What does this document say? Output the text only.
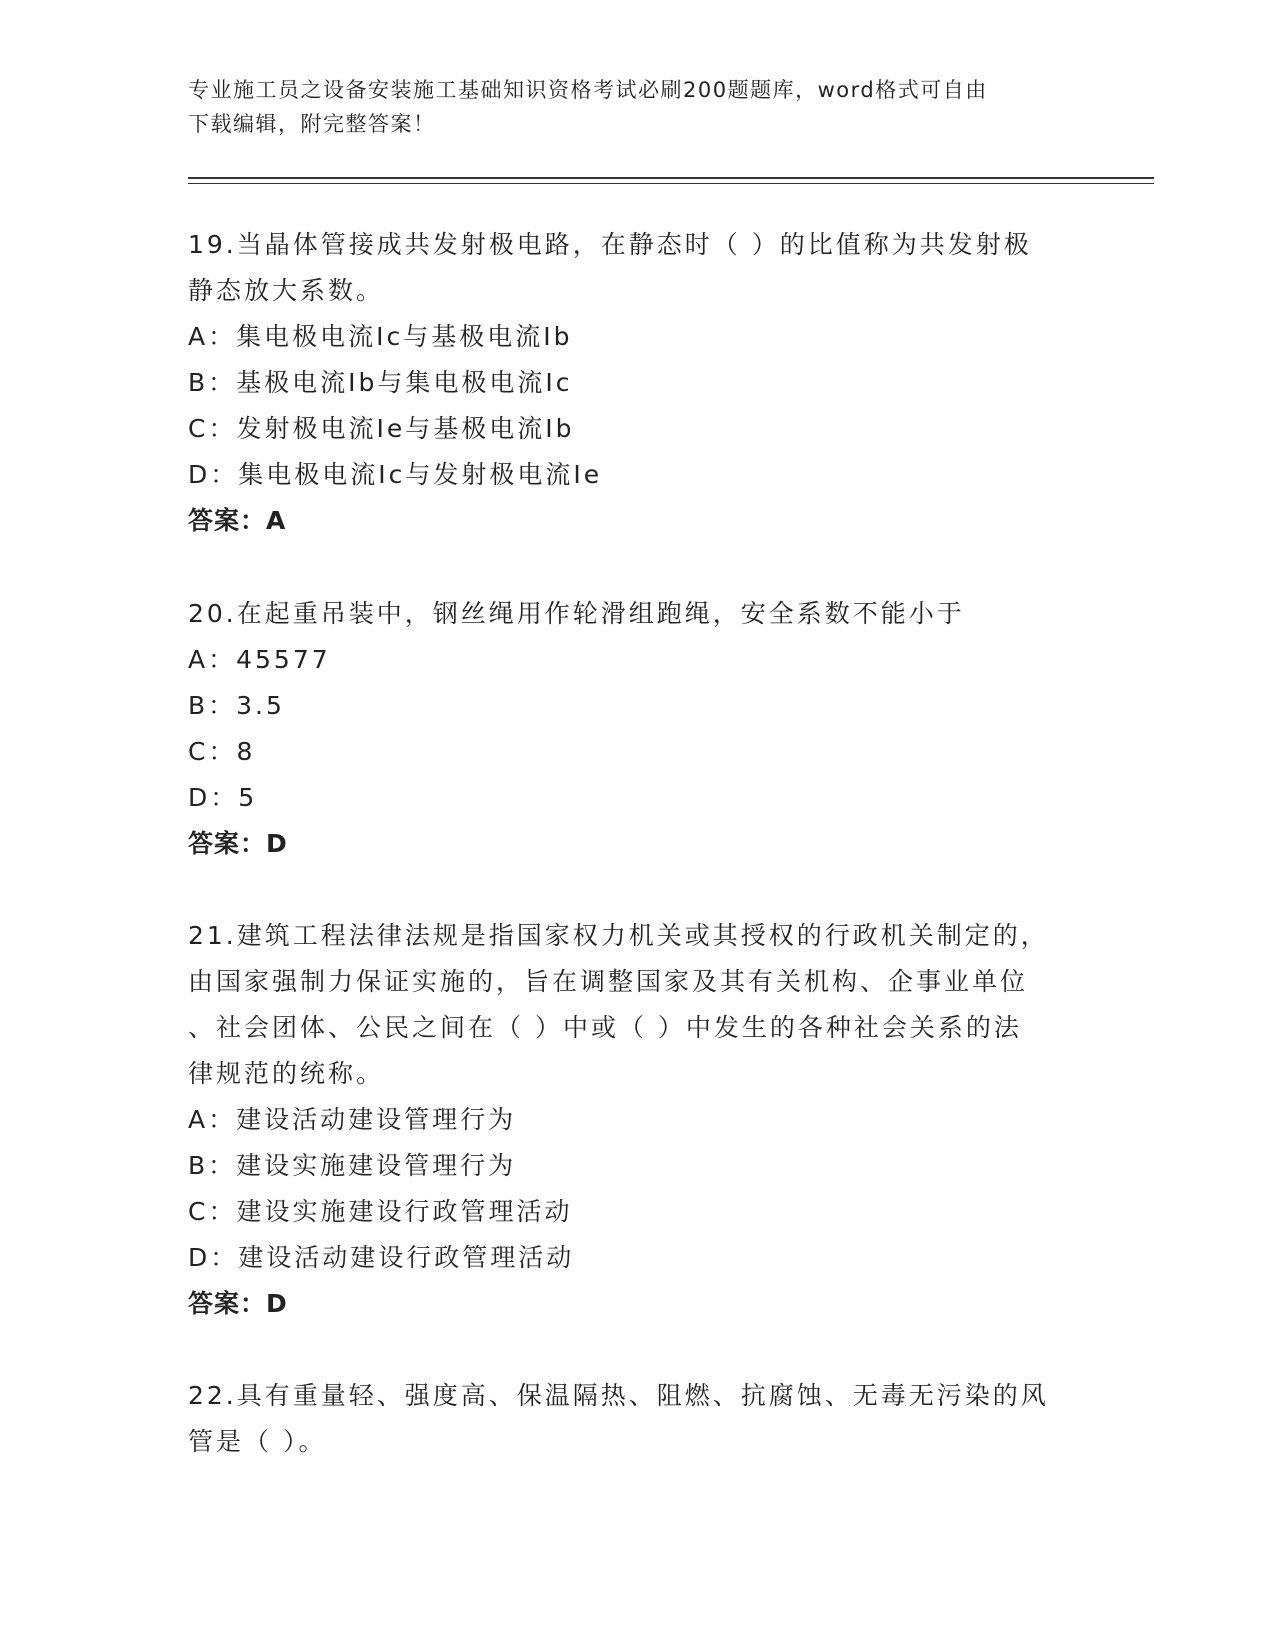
专业施工员之设备安装施工基础知识资格考试必刷200题题库，word格式可自由
下载编辑，附完整答案！

19.当晶体管接成共发射极电路，在静态时（ ）的比值称为共发射极

静态放大系数。

A：集电极电流Ic与基极电流Ib

B：基极电流Ib与集电极电流Ic

C：发射极电流Ie与基极电流Ib

D：集电极电流Ic与发射极电流Ie

答案：A

20.在起重吊装中，钢丝绳用作轮滑组跑绳，安全系数不能小于

A：45577

B：3.5

C：8

D：5

答案：D

21.建筑工程法律法规是指国家权力机关或其授权的行政机关制定的，

由国家强制力保证实施的，旨在调整国家及其有关机构、企事业单位

、社会团体、公民之间在（ ）中或（ ）中发生的各种社会关系的法

律规范的统称。

A：建设活动建设管理行为

B：建设实施建设管理行为

C：建设实施建设行政管理活动

D：建设活动建设行政管理活动

答案：D

22.具有重量轻、强度高、保温隔热、阻燃、抗腐蚀、无毒无污染的风

管是（ ）。
